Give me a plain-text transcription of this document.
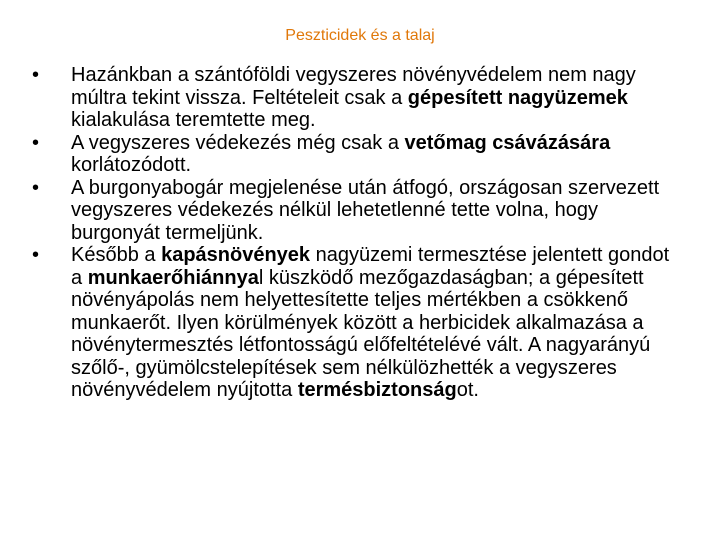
Peszticidek és a talaj
• Hazánkban a szántóföldi vegyszeres növényvédelem nem nagy múltra tekint vissza. Feltételeit csak a gépesített nagyüzemek kialakulása teremtette meg.
• A vegyszeres védekezés még csak a vetőmag csávázására korlátozódott.
• A burgonyabogár megjelenése után átfogó, országosan szervezett vegyszeres védekezés nélkül lehetetlenné tette volna, hogy burgonyát termeljünk.
• Később a kapásnövények nagyüzemi termesztése jelentett gondot a munkaerőhiánnyal küszködő mezőgazdaságban; a gépesített növényápolás nem helyettesítette teljes mértékben a csökkenő munkaerőt. Ilyen körülmények között a herbicidek alkalmazása a növénytermesztés létfontosságú előfeltételévé vált. A nagyarányú szőlő-, gyümölcstelepítések sem nélkülözhették a vegyszeres növényvédelem nyújtotta termésbiztonságot.
